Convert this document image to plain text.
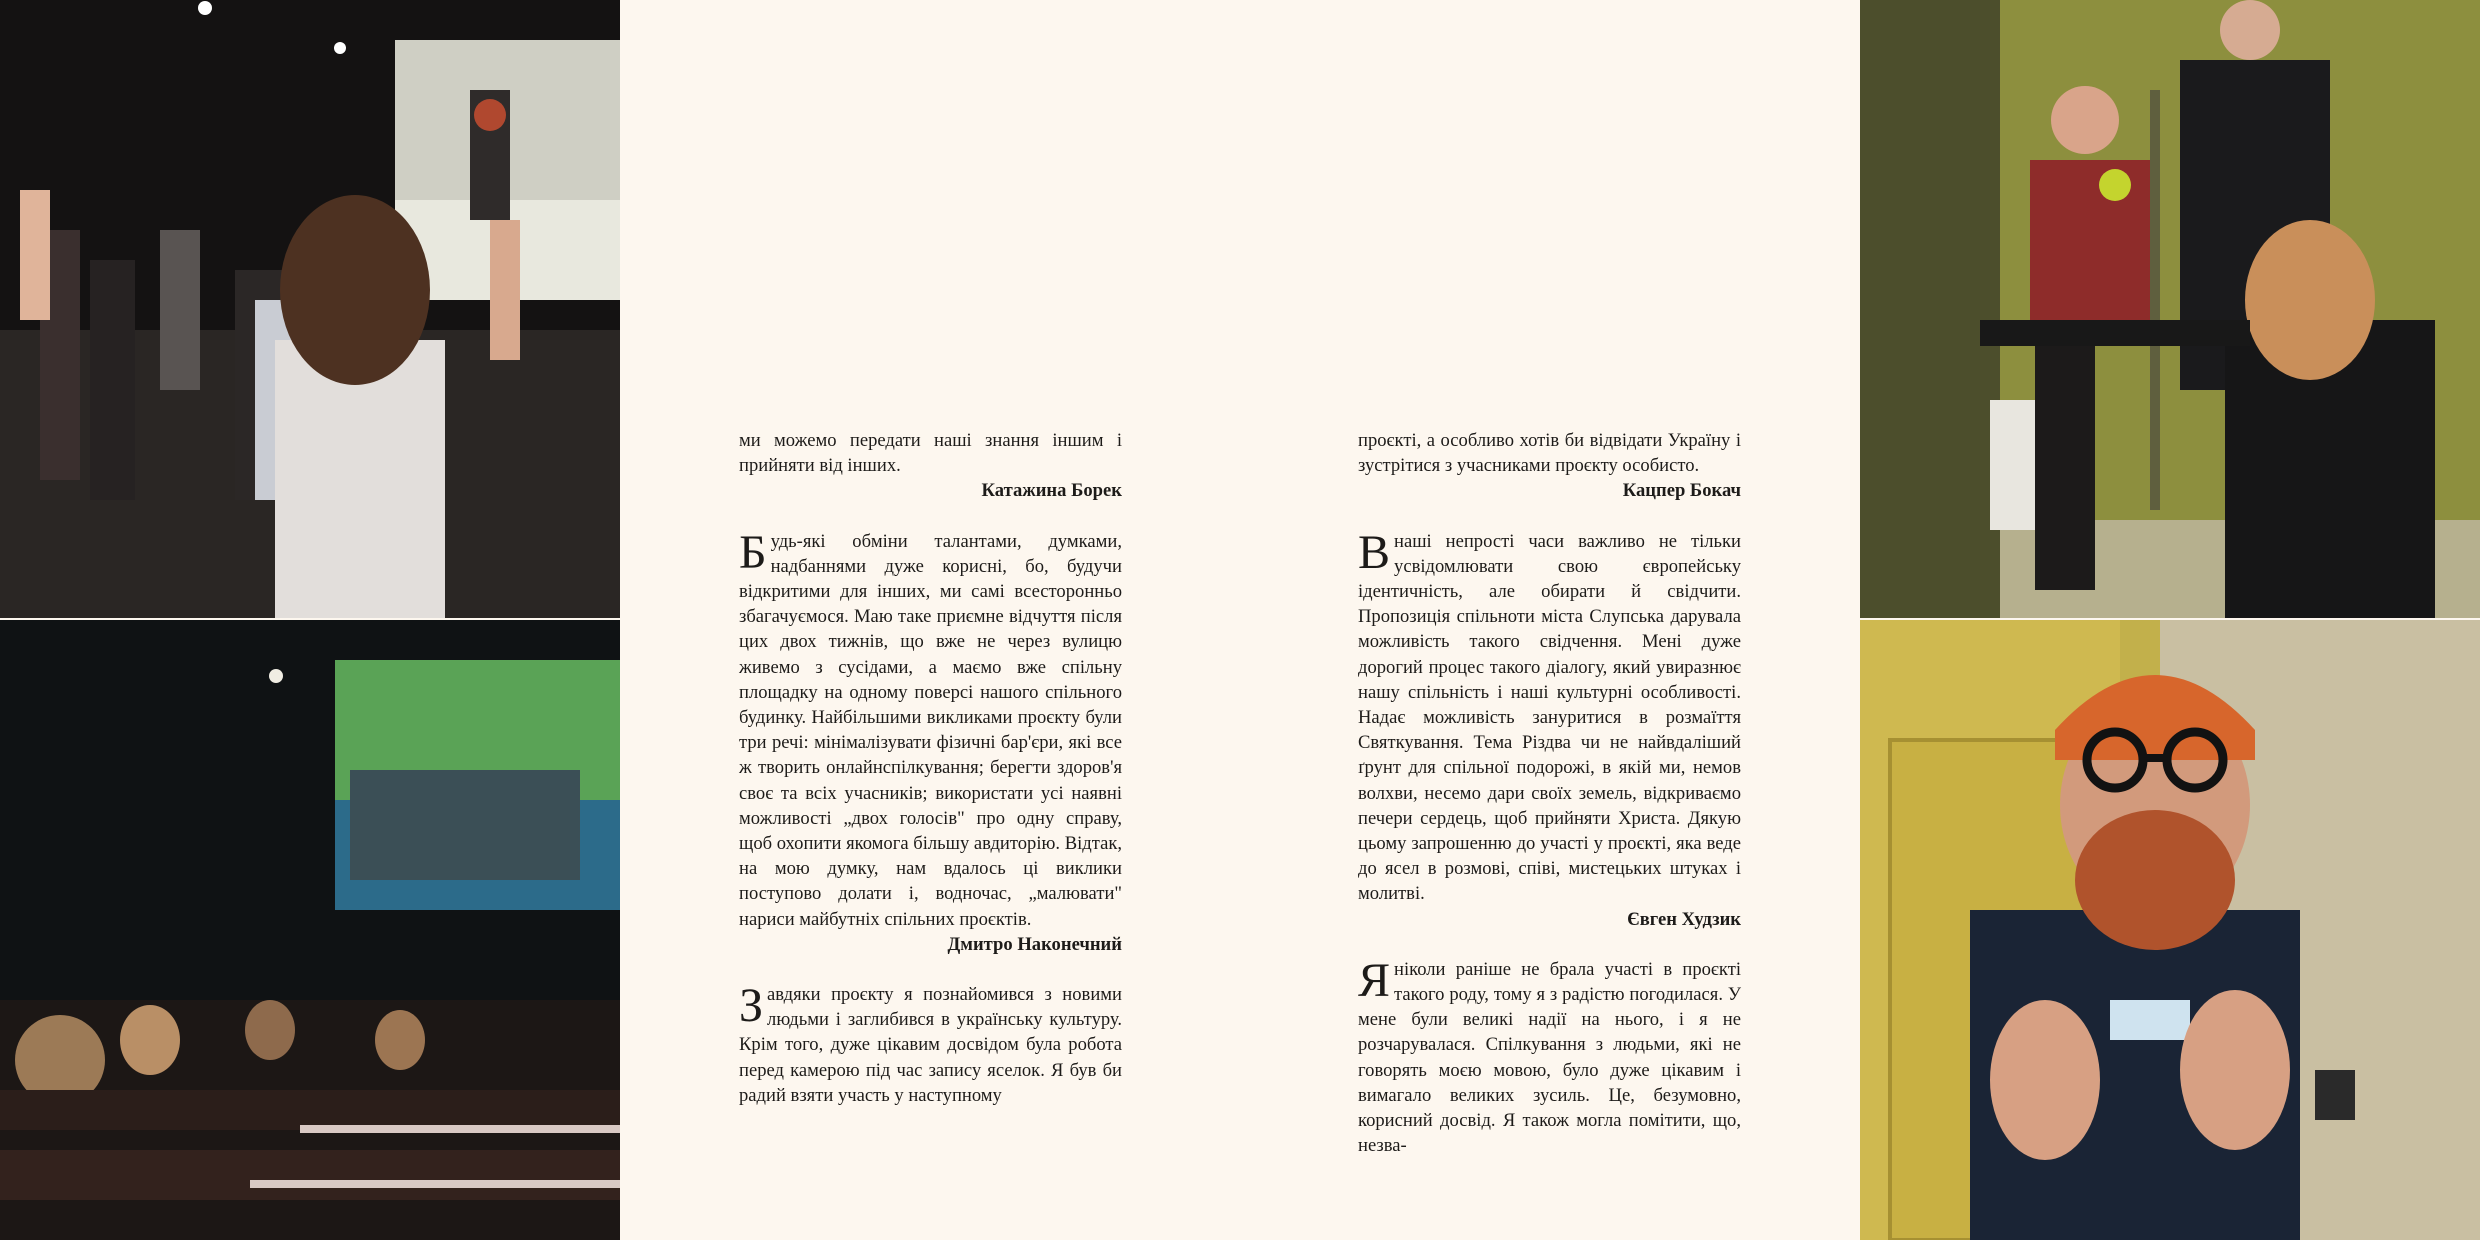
ми можемо передати наші знання іншим і прийняти від інших.

Катажина Борек

Будь-які обміни талантами, думками, надбаннями дуже корисні, бо, будучи відкритими для інших, ми самі всесторонньо збагачуємося. Маю таке приємне відчуття після цих двох тижнів, що вже не через вулицю живемо з сусідами, а маємо вже спільну площадку на одному поверсі нашого спільного будинку. Найбільшими викликами проєкту були три речі: мінімалізувати фізичні бар'єри, які все ж творить онлайнспілкування; берегти здоров'я своє та всіх учасників; використати усі наявні можливості „двох голосів" про одну справу, щоб охопити якомога більшу авдиторію. Відтак, на мою думку, нам вдалось ці виклики поступово долати і, водночас, „малювати" нариси майбутніх спільних проєктів.

Дмитро Наконечний

Завдяки проєкту я познайомився з новими людьми і заглибився в українську культуру. Крім того, дуже цікавим досвідом була робота перед камерою під час запису яселок. Я був би радий взяти участь у наступному

проєкті, а особливо хотів би відвідати Україну і зустрітися з учасниками проєкту особисто.

Кацпер Бокач

В наші непрості часи важливо не тільки усвідомлювати свою європейську ідентичність, але обирати й свідчити. Пропозиція спільноти міста Слупська дарувала можливість такого свідчення. Мені дуже дорогий процес такого діалогу, який увиразнює нашу спільність і наші культурні особливості. Надає можливість зануритися в розмаїття Святкування. Тема Різдва чи не найвдаліший ґрунт для спільної подорожі, в якій ми, немов волхви, несемо дари своїх земель, відкриваємо печери сердець, щоб прийняти Христа. Дякую цьому запрошенню до участі у проєкті, яка веде до ясел в розмові, співі, мистецьких штуках і молитві.

Євген Худзик

Я ніколи раніше не брала участі в проєкті такого роду, тому я з радістю погодилася. У мене були великі надії на нього, і я не розчарувалася. Спілкування з людьми, які не говорять моєю мовою, було дуже цікавим і вимагало великих зусиль. Це, безумовно, корисний досвід. Я також могла помітити, що, незва-
